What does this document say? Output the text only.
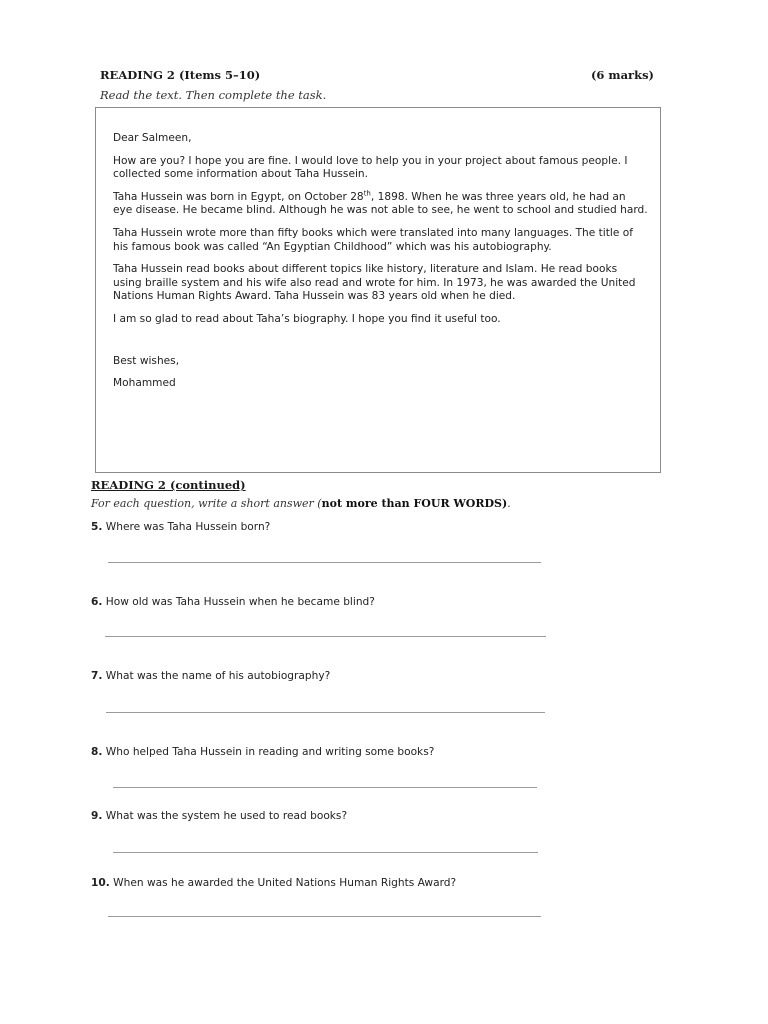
READING 2 (Items 5–10)	(6 marks)
Read the text. Then complete the task.

Dear Salmeen,

How are you? I hope you are fine. I would love to help you in your project about famous people. I collected some information about Taha Hussein.

Taha Hussein was born in Egypt, on October 28th, 1898. When he was three years old, he had an eye disease. He became blind. Although he was not able to see, he went to school and studied hard.

Taha Hussein wrote more than fifty books which were translated into many languages. The title of his famous book was called “An Egyptian Childhood” which was his autobiography.

Taha Hussein read books about different topics like history, literature and Islam. He read books using braille system and his wife also read and wrote for him. In 1973, he was awarded the United Nations Human Rights Award. Taha Hussein was 83 years old when he died.

I am so glad to read about Taha’s biography. I hope you find it useful too.

Best wishes,

Mohammed

READING 2 (continued)
For each question, write a short answer (not more than FOUR WORDS).
5. Where was Taha Hussein born?
6. How old was Taha Hussein when he became blind?
7. What was the name of his autobiography?
8. Who helped Taha Hussein in reading and writing some books?
9. What was the system he used to read books?
10. When was he awarded the United Nations Human Rights Award?
